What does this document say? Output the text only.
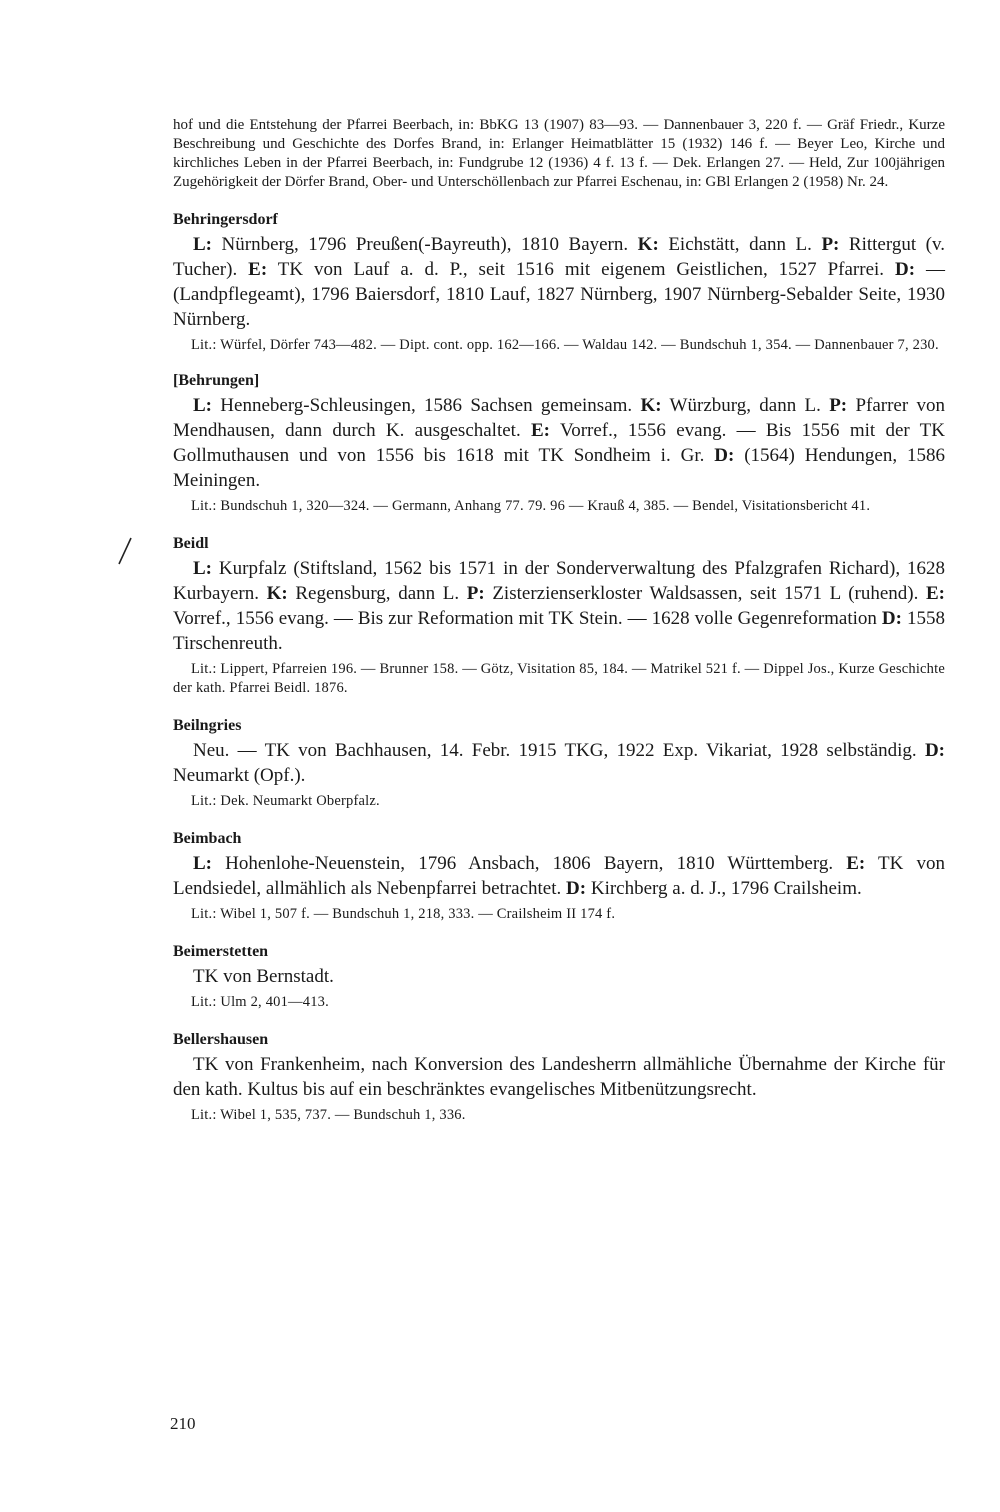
hof und die Entstehung der Pfarrei Beerbach, in: BbKG 13 (1907) 83—93. — Dannenbauer 3, 220 f. — Gräf Friedr., Kurze Beschreibung und Geschichte des Dorfes Brand, in: Erlanger Heimatblätter 15 (1932) 146 f. — Beyer Leo, Kirche und kirchliches Leben in der Pfarrei Beerbach, in: Fundgrube 12 (1936) 4 f. 13 f. — Dek. Erlangen 27. — Held, Zur 100jährigen Zugehörigkeit der Dörfer Brand, Ober- und Unterschöllenbach zur Pfarrei Eschenau, in: GBl Erlangen 2 (1958) Nr. 24.

Behringersdorf

L: Nürnberg, 1796 Preußen(-Bayreuth), 1810 Bayern. K: Eichstätt, dann L. P: Rittergut (v. Tucher). E: TK von Lauf a. d. P., seit 1516 mit eigenem Geistlichen, 1527 Pfarrei. D: — (Landpflegeamt), 1796 Baiersdorf, 1810 Lauf, 1827 Nürnberg, 1907 Nürnberg-Sebalder Seite, 1930 Nürnberg.

Lit.: Würfel, Dörfer 743—482. — Dipt. cont. opp. 162—166. — Waldau 142. — Bundschuh 1, 354. — Dannenbauer 7, 230.

[Behrungen]

L: Henneberg-Schleusingen, 1586 Sachsen gemeinsam. K: Würzburg, dann L. P: Pfarrer von Mendhausen, dann durch K. ausgeschaltet. E: Vorref., 1556 evang. — Bis 1556 mit der TK Gollmuthausen und von 1556 bis 1618 mit TK Sondheim i. Gr. D: (1564) Hendungen, 1586 Meiningen.

Lit.: Bundschuh 1, 320—324. — Germann, Anhang 77. 79. 96 — Krauß 4, 385. — Bendel, Visitationsbericht 41.

Beidl

L: Kurpfalz (Stiftsland, 1562 bis 1571 in der Sonderverwaltung des Pfalzgrafen Richard), 1628 Kurbayern. K: Regensburg, dann L. P: Zisterzienserkloster Waldsassen, seit 1571 L (ruhend). E: Vorref., 1556 evang. — Bis zur Reformation mit TK Stein. — 1628 volle Gegenreformation D: 1558 Tirschenreuth.

Lit.: Lippert, Pfarreien 196. — Brunner 158. — Götz, Visitation 85, 184. — Matrikel 521 f. — Dippel Jos., Kurze Geschichte der kath. Pfarrei Beidl. 1876.

Beilngries

Neu. — TK von Bachhausen, 14. Febr. 1915 TKG, 1922 Exp. Vikariat, 1928 selbständig. D: Neumarkt (Opf.).

Lit.: Dek. Neumarkt Oberpfalz.

Beimbach

L: Hohenlohe-Neuenstein, 1796 Ansbach, 1806 Bayern, 1810 Württemberg. E: TK von Lendsiedel, allmählich als Nebenpfarrei betrachtet. D: Kirchberg a. d. J., 1796 Crailsheim.

Lit.: Wibel 1, 507 f. — Bundschuh 1, 218, 333. — Crailsheim II 174 f.

Beimerstetten

TK von Bernstadt.

Lit.: Ulm 2, 401—413.

Bellershausen

TK von Frankenheim, nach Konversion des Landesherrn allmähliche Übernahme der Kirche für den kath. Kultus bis auf ein beschränktes evangelisches Mitbenützungsrecht.

Lit.: Wibel 1, 535, 737. — Bundschuh 1, 336.

210
